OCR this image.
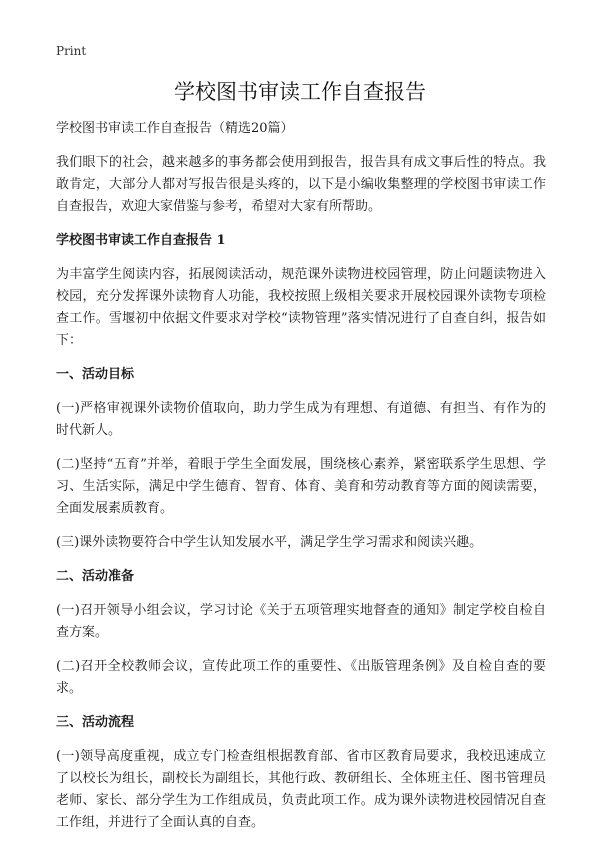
Print
学校图书审读工作自查报告

学校图书审读工作自查报告（精选20篇）

我们眼下的社会，越来越多的事务都会使用到报告，报告具有成文事后性的特点。我敢肯定，大部分人都对写报告很是头疼的，以下是小编收集整理的学校图书审读工作自查报告，欢迎大家借鉴与参考，希望对大家有所帮助。

学校图书审读工作自查报告 1

为丰富学生阅读内容，拓展阅读活动，规范课外读物进校园管理，防止问题读物进入校园，充分发挥课外读物育人功能，我校按照上级相关要求开展校园课外读物专项检查工作。雪堰初中依据文件要求对学校“读物管理”落实情况进行了自查自纠，报告如下：

一、活动目标

(一)严格审视课外读物价值取向，助力学生成为有理想、有道德、有担当、有作为的时代新人。

(二)坚持“五育”并举，着眼于学生全面发展，围绕核心素养，紧密联系学生思想、学习、生活实际，满足中学生德育、智育、体育、美育和劳动教育等方面的阅读需要，全面发展素质教育。

(三)课外读物要符合中学生认知发展水平，满足学生学习需求和阅读兴趣。

二、活动准备

(一)召开领导小组会议，学习讨论《关于五项管理实地督查的通知》制定学校自检自查方案。

(二)召开全校教师会议，宣传此项工作的重要性、《出版管理条例》及自检自查的要求。

三、活动流程

(一)领导高度重视，成立专门检查组根据教育部、省市区教育局要求，我校迅速成立了以校长为组长，副校长为副组长，其他行政、教研组长、全体班主任、图书管理员老师、家长、部分学生为工作组成员，负责此项工作。成为课外读物进校园情况自查工作组，并进行了全面认真的自查。
